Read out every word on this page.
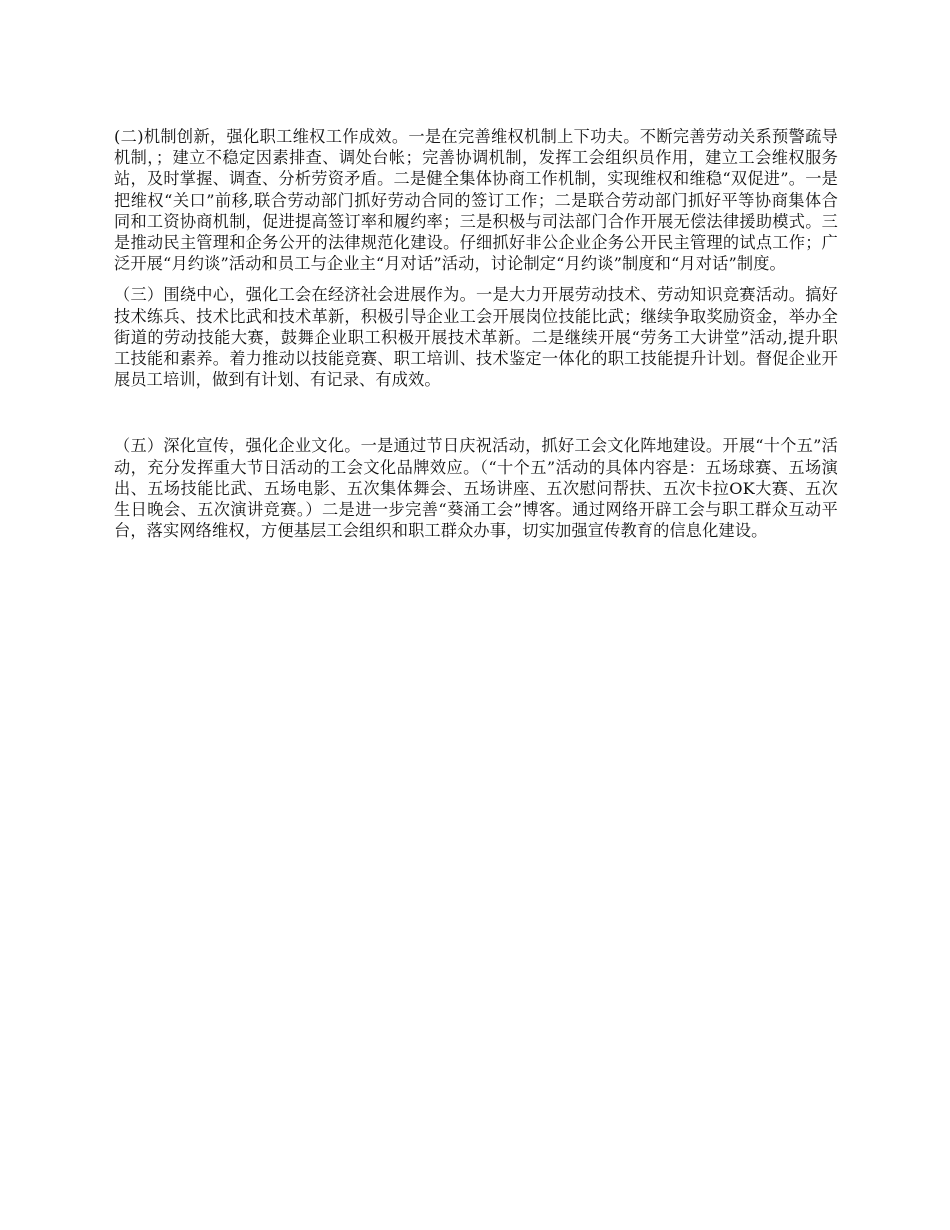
(二)机制创新，强化职工维权工作成效。一是在完善维权机制上下功夫。不断完善劳动关系预警疏导机制，；建立不稳定因素排查、调处台帐；完善协调机制，发挥工会组织员作用，建立工会维权服务站，及时掌握、调查、分析劳资矛盾。二是健全集体协商工作机制，实现维权和维稳“双促进”。一是把维权“关口”前移,联合劳动部门抓好劳动合同的签订工作；二是联合劳动部门抓好平等协商集体合同和工资协商机制，促进提高签订率和履约率；三是积极与司法部门合作开展无偿法律援助模式。三是推动民主管理和企务公开的法律规范化建设。仔细抓好非公企业企务公开民主管理的试点工作；广泛开展“月约谈”活动和员工与企业主“月对话”活动，讨论制定“月约谈”制度和“月对话”制度。

（三）围绕中心，强化工会在经济社会进展作为。一是大力开展劳动技术、劳动知识竞赛活动。搞好技术练兵、技术比武和技术革新，积极引导企业工会开展岗位技能比武；继续争取奖励资金，举办全街道的劳动技能大赛，鼓舞企业职工积极开展技术革新。二是继续开展“劳务工大讲堂”活动,提升职工技能和素养。着力推动以技能竞赛、职工培训、技术鉴定一体化的职工技能提升计划。督促企业开展员工培训，做到有计划、有记录、有成效。

（五）深化宣传，强化企业文化。一是通过节日庆祝活动，抓好工会文化阵地建设。开展“十个五”活动，充分发挥重大节日活动的工会文化品牌效应。（“十个五”活动的具体内容是：五场球赛、五场演出、五场技能比武、五场电影、五次集体舞会、五场讲座、五次慰问帮扶、五次卡拉OK大赛、五次生日晚会、五次演讲竞赛。）二是进一步完善“葵涌工会”博客。通过网络开辟工会与职工群众互动平台，落实网络维权，方便基层工会组织和职工群众办事，切实加强宣传教育的信息化建设。
